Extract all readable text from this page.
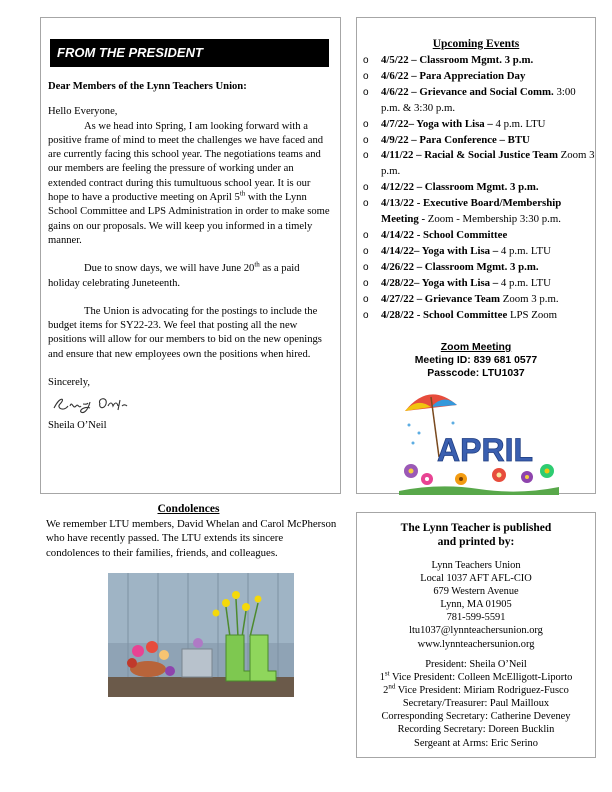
FROM THE PRESIDENT

Dear Members of the Lynn Teachers Union:

Hello Everyone,

As we head into Spring, I am looking forward with a positive frame of mind to meet the challenges we have faced and are currently facing this school year. The negotiations teams and our members are feeling the pressure of working under an extended contract during this tumultuous school year. It is our hope to have a productive meeting on April 5th with the Lynn School Committee and LPS Administration in order to make some gains on our proposals. We will keep you informed in a timely manner.

Due to snow days, we will have June 20th as a paid holiday celebrating Juneteenth.

The Union is advocating for the postings to include the budget items for SY22-23. We feel that posting all the new positions will allow for our members to bid on the new openings and ensure that new employees own the positions when hired.

Sincerely,

Sheila O’Neil

Upcoming Events
o 4/5/22 – Classroom Mgmt. 3 p.m.
o 4/6/22 – Para Appreciation Day
o 4/6/22 – Grievance and Social Comm. 3:00 p.m. & 3:30 p.m.
o 4/7/22– Yoga with Lisa – 4 p.m. LTU
o 4/9/22 – Para Conference – BTU
o 4/11/22 – Racial & Social Justice Team Zoom 3 p.m.
o 4/12/22 – Classroom Mgmt. 3 p.m.
o 4/13/22 - Executive Board/Membership Meeting - Zoom - Membership 3:30 p.m.
o 4/14/22 - School Committee
o 4/14/22– Yoga with Lisa – 4 p.m. LTU
o 4/26/22 – Classroom Mgmt. 3 p.m.
o 4/28/22– Yoga with Lisa – 4 p.m. LTU
o 4/27/22 – Grievance Team Zoom 3 p.m.
o 4/28/22 - School Committee LPS Zoom
Zoom Meeting
Meeting ID: 839 681 0577
Passcode: LTU1037
APRIL
Condolences
We remember LTU members, David Whelan and Carol McPherson who have recently passed. The LTU extends its sincere condolences to their families, friends, and colleagues.
The Lynn Teacher is published
and printed by:
Lynn Teachers Union
Local 1037 AFT AFL-CIO
679 Western Avenue
Lynn, MA 01905
781-599-5591
ltu1037@lynnteachersunion.org
www.lynnteachersunion.org
President: Sheila O’Neil
1st Vice President: Colleen McElligott-Liporto
2nd Vice President: Miriam Rodriguez-Fusco
Secretary/Treasurer: Paul Mailloux
Corresponding Secretary: Catherine Deveney
Recording Secretary: Doreen Bucklin
Sergeant at Arms: Eric Serino
